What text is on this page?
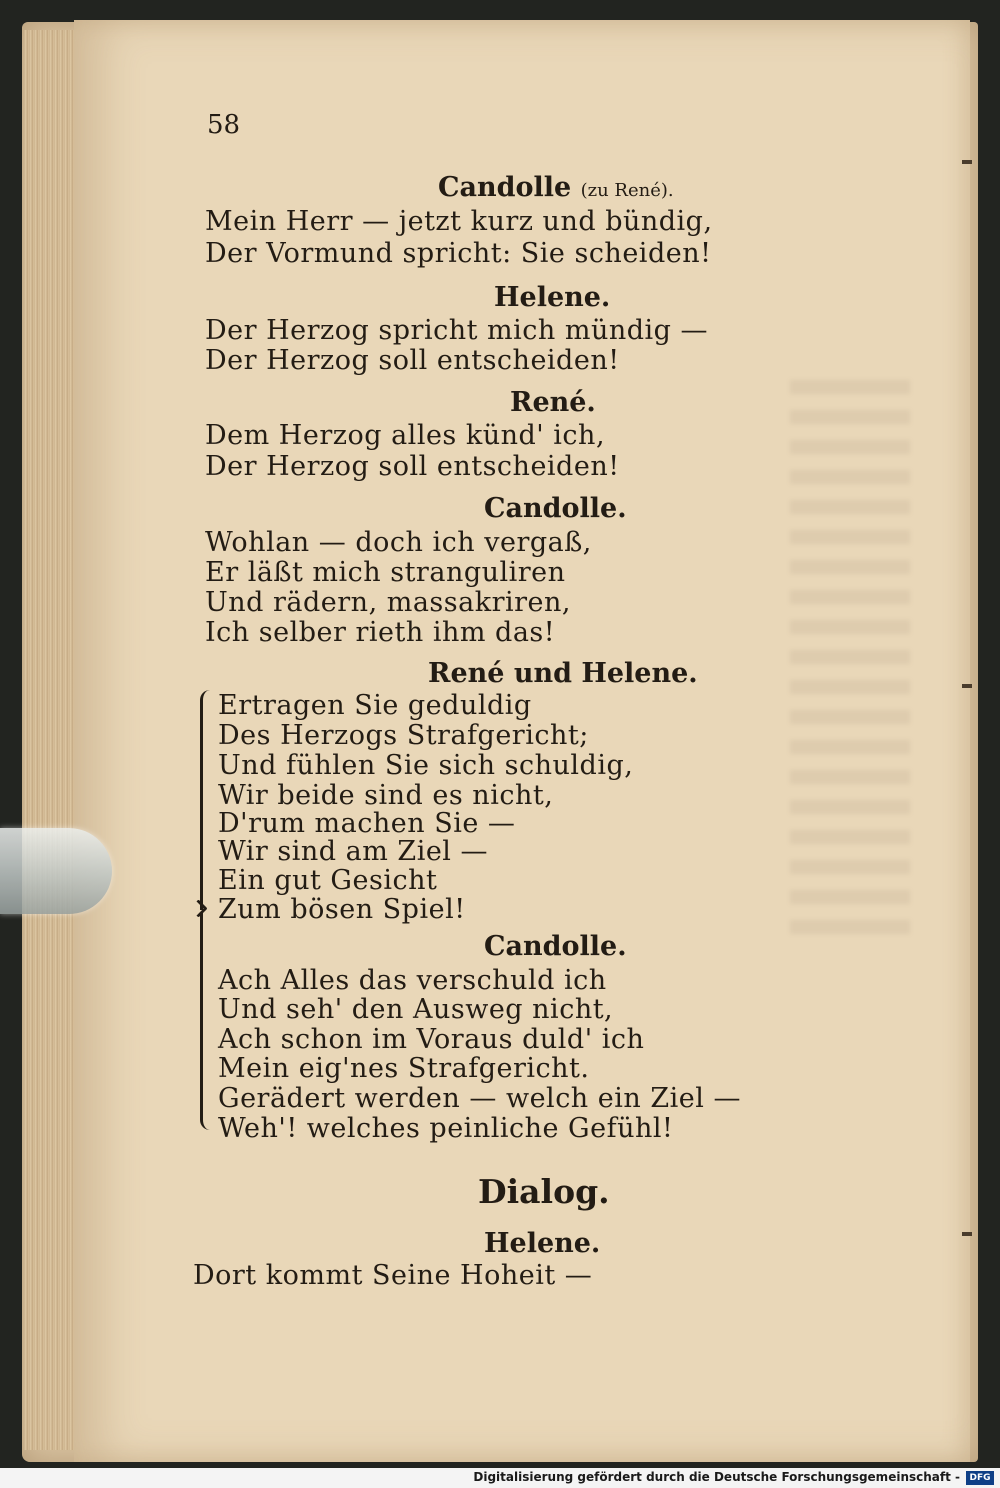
58
Candolle (zu René).
Mein Herr — jetzt kurz und bündig,
Der Vormund spricht: Sie scheiden!
Helene.
Der Herzog spricht mich mündig —
Der Herzog soll entscheiden!
René.
Dem Herzog alles künd' ich,
Der Herzog soll entscheiden!
Candolle.
Wohlan — doch ich vergaß,
Er läßt mich stranguliren
Und rädern, massakriren,
Ich selber rieth ihm das!
René und Helene.
Ertragen Sie geduldig
Des Herzogs Strafgericht;
Und fühlen Sie sich schuldig,
Wir beide sind es nicht,
D'rum machen Sie —
Wir sind am Ziel —
Ein gut Gesicht
Zum bösen Spiel!
Candolle.
Ach Alles das verschuld ich
Und seh' den Ausweg nicht,
Ach schon im Voraus duld' ich
Mein eig'nes Strafgericht.
Gerädert werden — welch ein Ziel —
Weh'! welches peinliche Gefühl!
Dialog.
Helene.
Dort kommt Seine Hoheit —
Digitalisierung gefördert durch die Deutsche Forschungsgemeinschaft -	DFG
